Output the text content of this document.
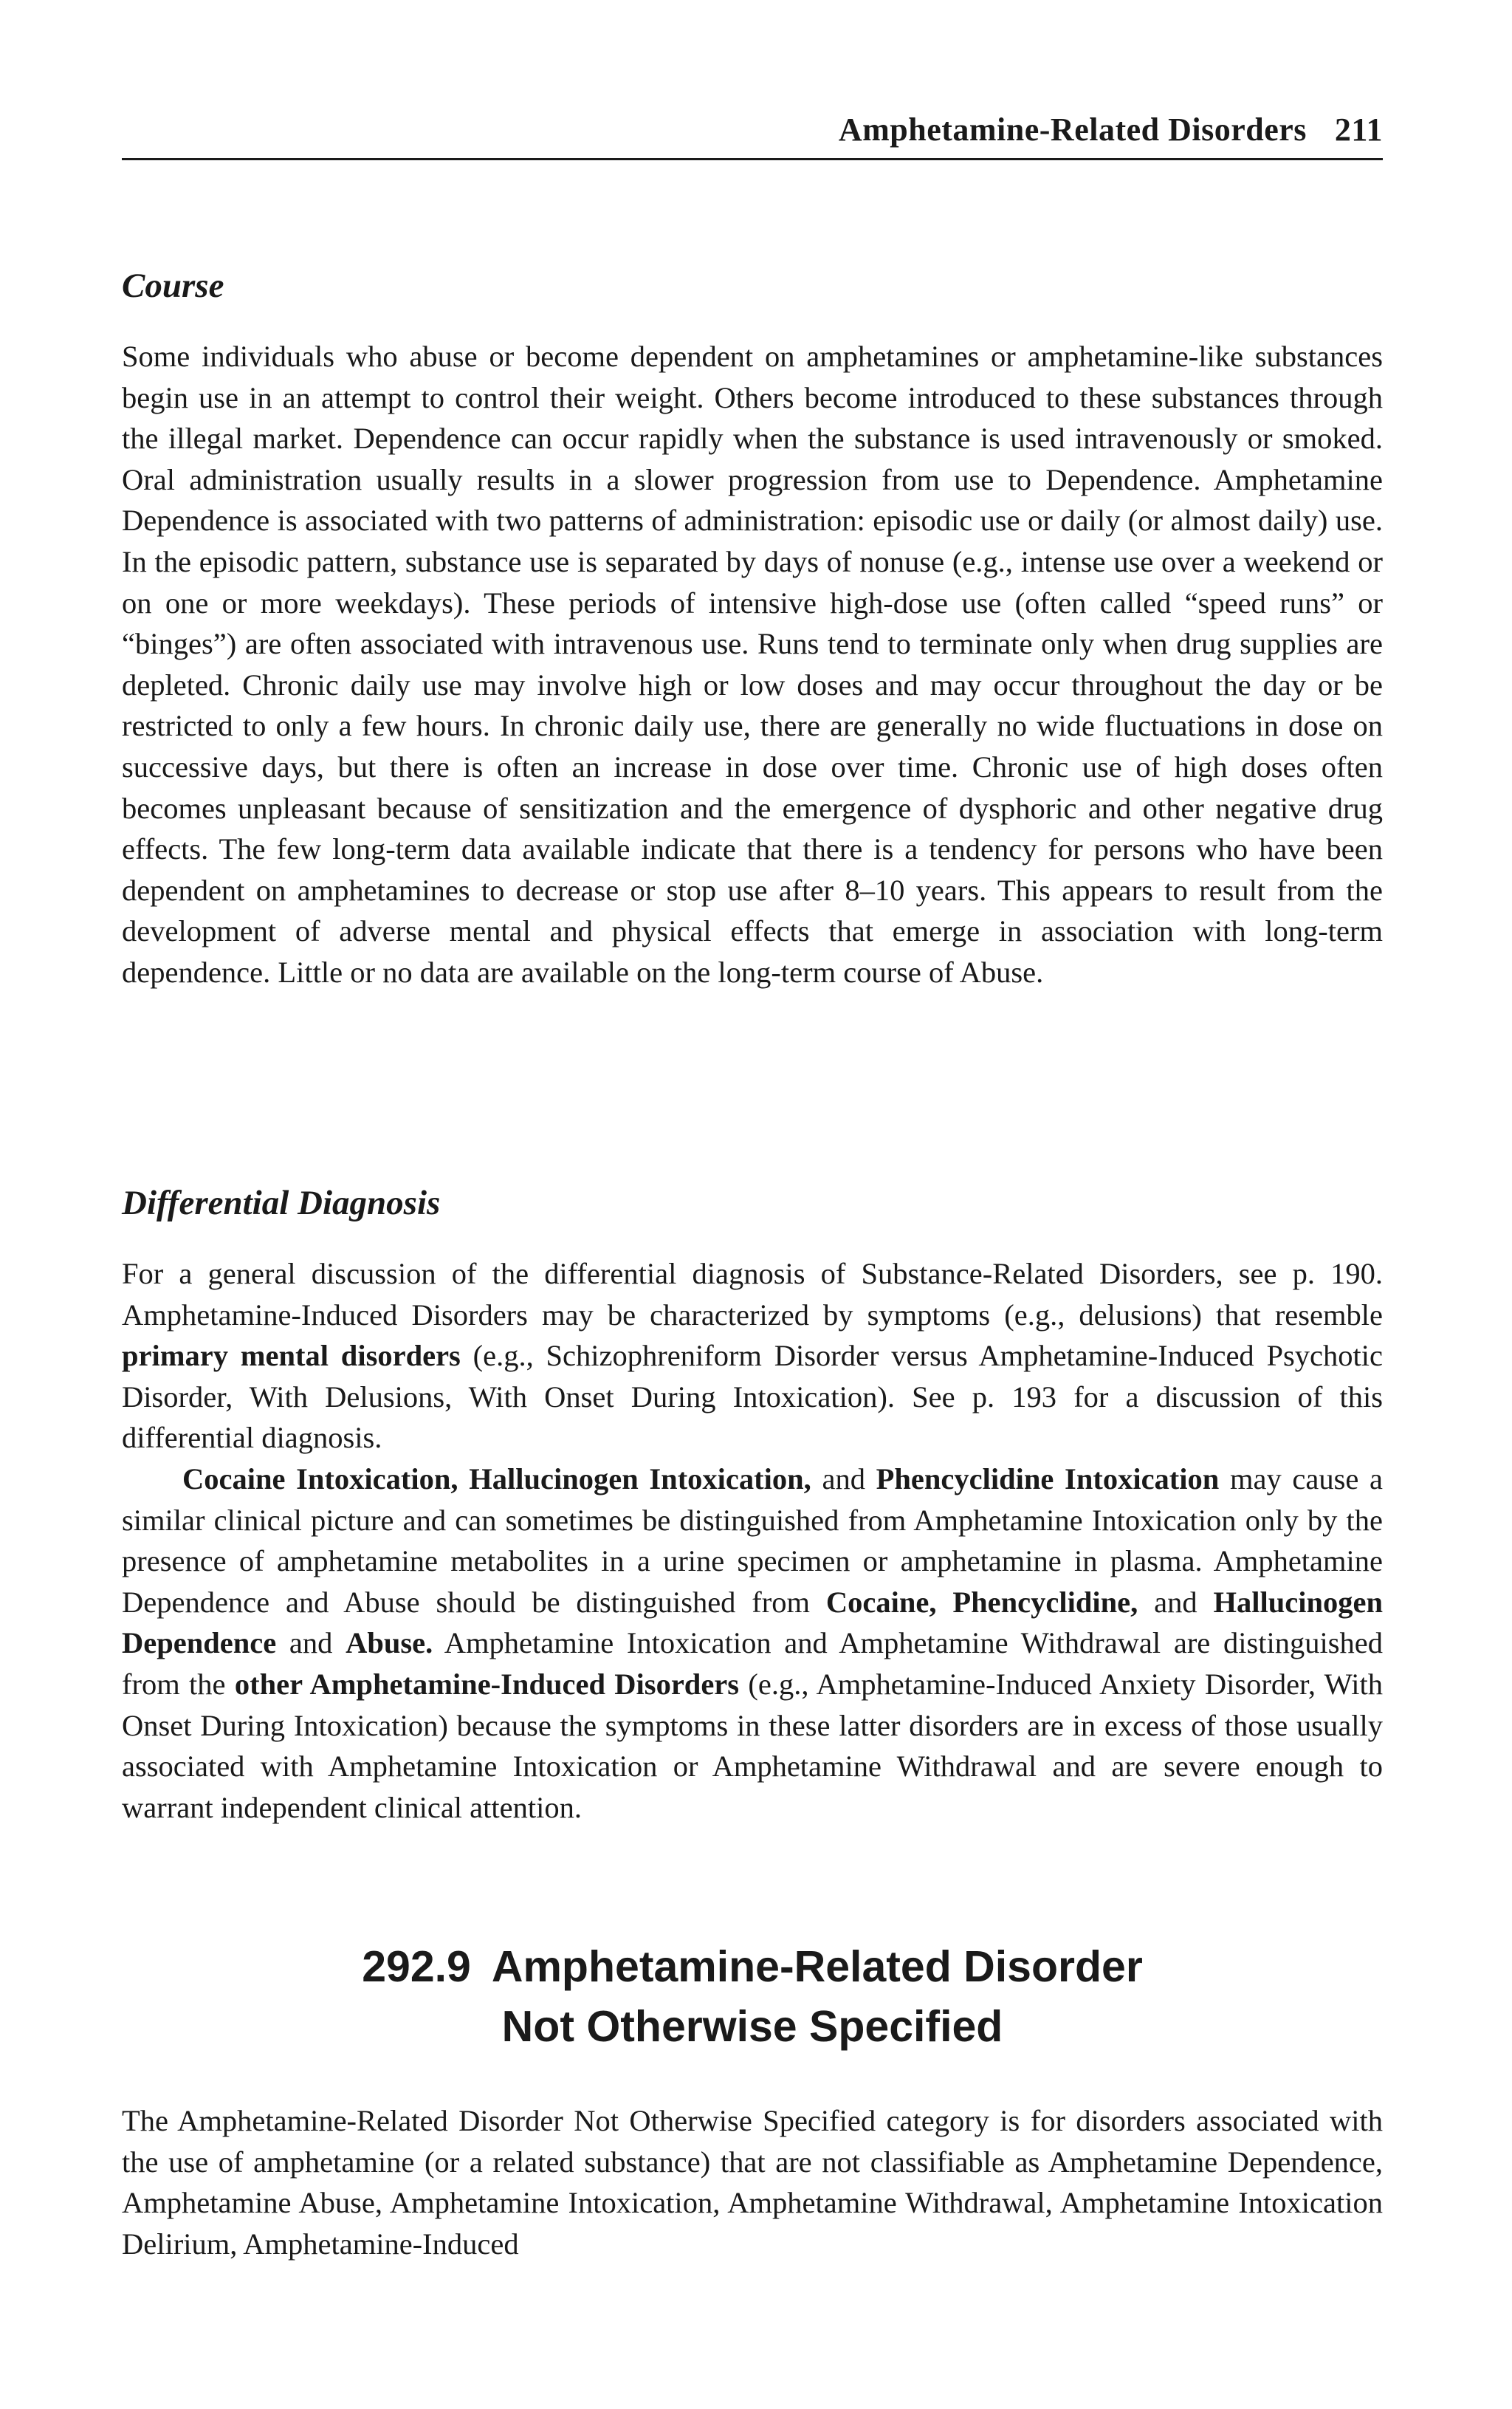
Amphetamine-Related Disorders 211
Course

Some individuals who abuse or become dependent on amphetamines or amphetamine-like substances begin use in an attempt to control their weight. Others become introduced to these substances through the illegal market. Dependence can occur rapidly when the substance is used intravenously or smoked. Oral administration usually results in a slower progression from use to Dependence. Amphetamine Dependence is associated with two patterns of administration: episodic use or daily (or almost daily) use. In the episodic pattern, substance use is separated by days of nonuse (e.g., intense use over a weekend or on one or more weekdays). These periods of intensive high-dose use (often called “speed runs” or “binges”) are often associated with intravenous use. Runs tend to terminate only when drug supplies are depleted. Chronic daily use may involve high or low doses and may occur throughout the day or be restricted to only a few hours. In chronic daily use, there are generally no wide fluctuations in dose on successive days, but there is often an increase in dose over time. Chronic use of high doses often becomes unpleasant because of sensitization and the emergence of dysphoric and other negative drug effects. The few long-term data available indicate that there is a tendency for persons who have been dependent on amphetamines to decrease or stop use after 8–10 years. This appears to result from the development of adverse mental and physical effects that emerge in association with long-term dependence. Little or no data are available on the long-term course of Abuse.

Differential Diagnosis

For a general discussion of the differential diagnosis of Substance-Related Disorders, see p. 190. Amphetamine-Induced Disorders may be characterized by symptoms (e.g., delusions) that resemble primary mental disorders (e.g., Schizophreniform Disorder versus Amphetamine-Induced Psychotic Disorder, With Delusions, With Onset During Intoxication). See p. 193 for a discussion of this differential diagnosis.

Cocaine Intoxication, Hallucinogen Intoxication, and Phencyclidine Intoxication may cause a similar clinical picture and can sometimes be distinguished from Amphetamine Intoxication only by the presence of amphetamine metabolites in a urine specimen or amphetamine in plasma. Amphetamine Dependence and Abuse should be distinguished from Cocaine, Phencyclidine, and Hallucinogen Dependence and Abuse. Amphetamine Intoxication and Amphetamine Withdrawal are distinguished from the other Amphetamine-Induced Disorders (e.g., Amphetamine-Induced Anxiety Disorder, With Onset During Intoxication) because the symptoms in these latter disorders are in excess of those usually associated with Amphetamine Intoxication or Amphetamine Withdrawal and are severe enough to warrant independent clinical attention.

292.9 Amphetamine-Related Disorder
Not Otherwise Specified

The Amphetamine-Related Disorder Not Otherwise Specified category is for disorders associated with the use of amphetamine (or a related substance) that are not classifiable as Amphetamine Dependence, Amphetamine Abuse, Amphetamine Intoxication, Amphetamine Withdrawal, Amphetamine Intoxication Delirium, Amphetamine-Induced
